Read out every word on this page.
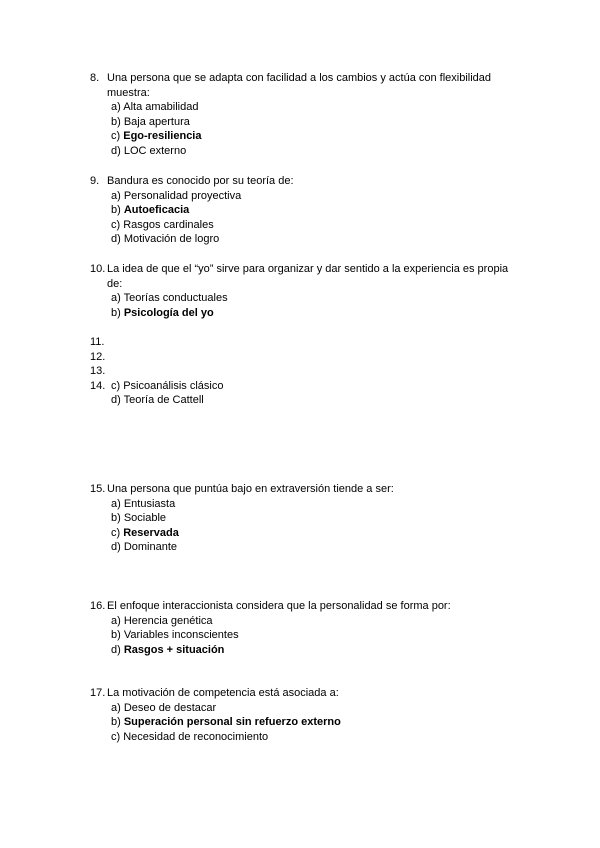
8. Una persona que se adapta con facilidad a los cambios y actúa con flexibilidad
muestra:
a) Alta amabilidad
b) Baja apertura
c) Ego-resiliencia
d) LOC externo
9. Bandura es conocido por su teoría de:
a) Personalidad proyectiva
b) Autoeficacia
c) Rasgos cardinales
d) Motivación de logro
10. La idea de que el “yo” sirve para organizar y dar sentido a la experiencia es propia
de:
a) Teorías conductuales
b) Psicología del yo
11.
12.
13.
14. c) Psicoanálisis clásico
d) Teoría de Cattell
15. Una persona que puntúa bajo en extraversión tiende a ser:
a) Entusiasta
b) Sociable
c) Reservada
d) Dominante
16. El enfoque interaccionista considera que la personalidad se forma por:
a) Herencia genética
b) Variables inconscientes
d) Rasgos + situación
17. La motivación de competencia está asociada a:
a) Deseo de destacar
b) Superación personal sin refuerzo externo
c) Necesidad de reconocimiento
